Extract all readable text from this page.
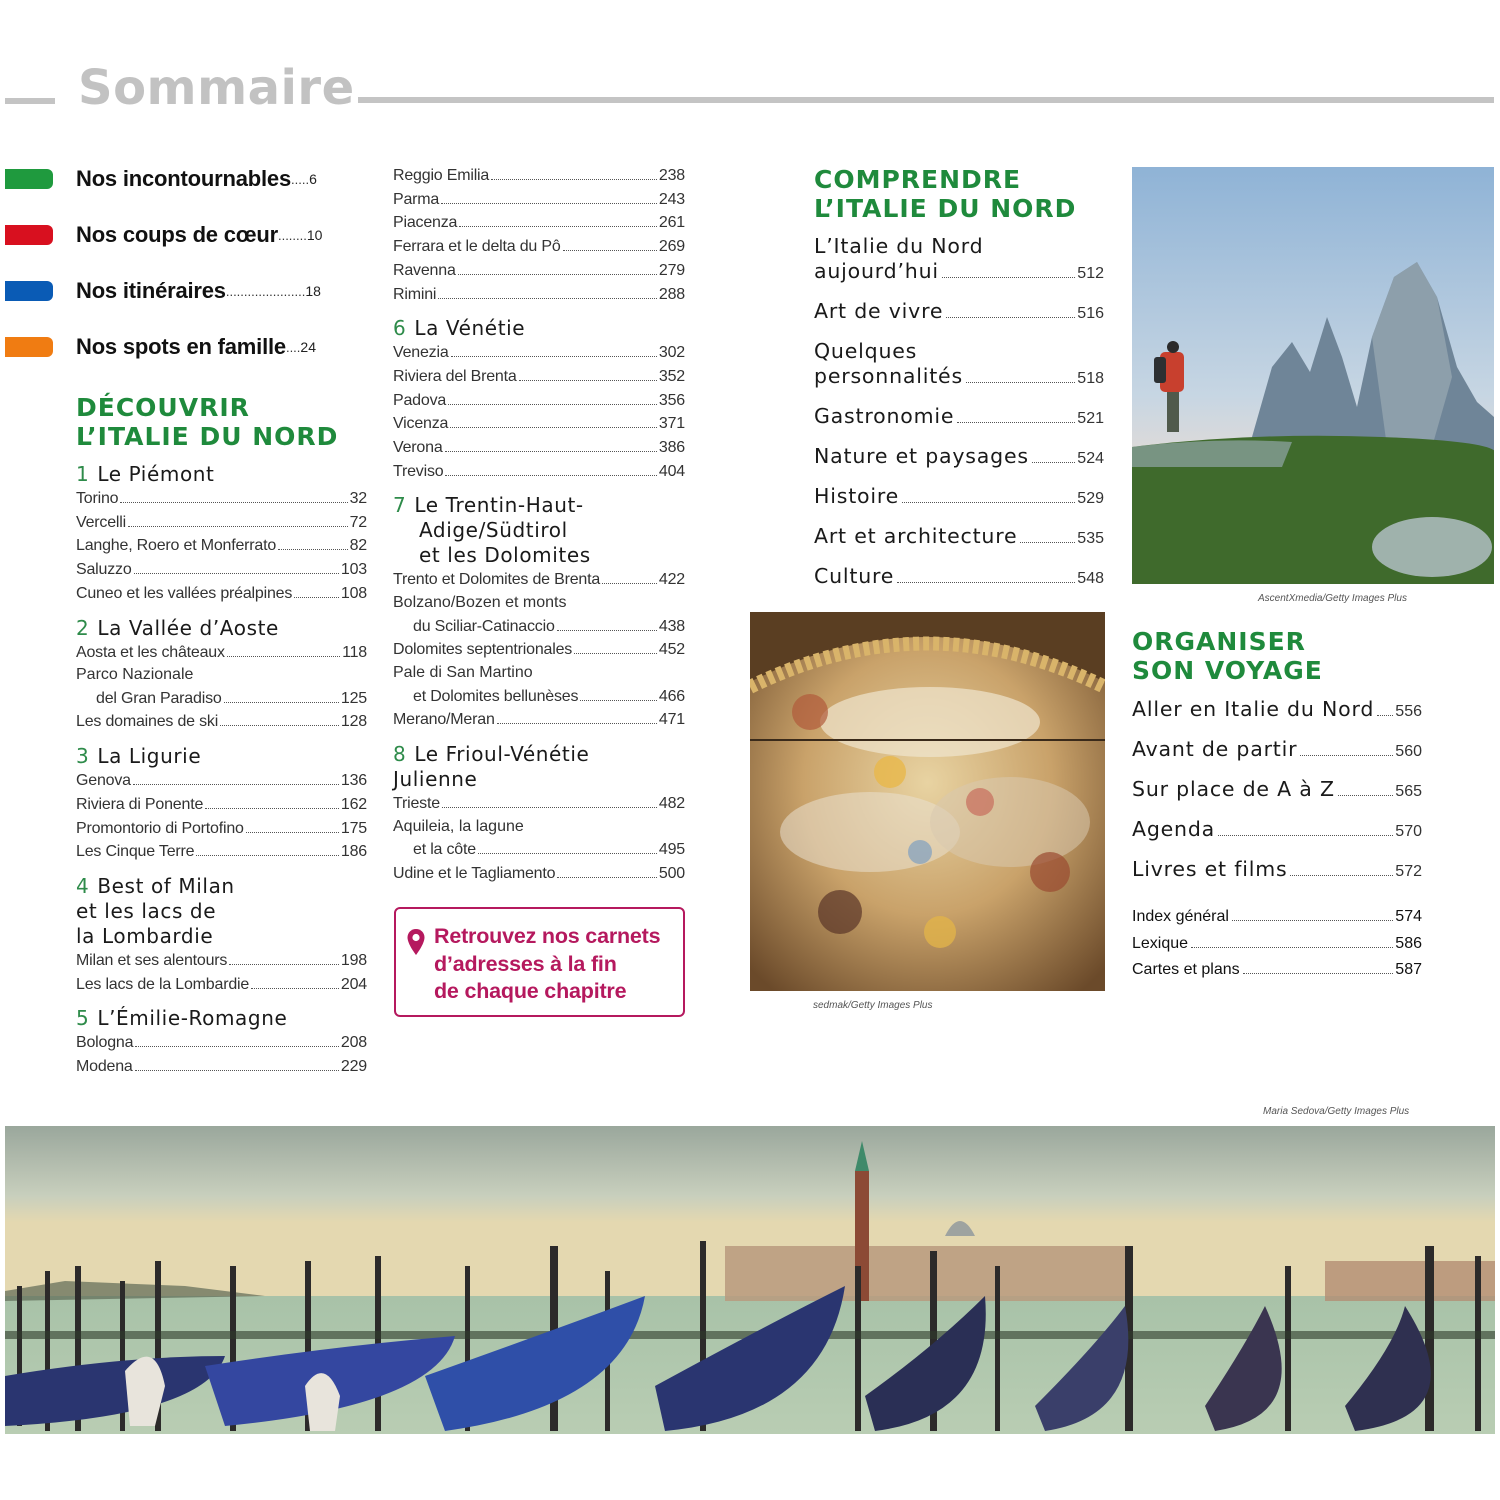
Sommaire
Nos incontournables ..... 6
Nos coups de cœur ........ 10
Nos itinéraires ...................... 18
Nos spots en famille .... 24
DÉCOUVRIR
L’ITALIE DU NORD
1 Le Piémont
Torino	32
Vercelli	72
Langhe, Roero et Monferrato	82
Saluzzo	103
Cuneo et les vallées préalpines	108
2 La Vallée d’Aoste
Aosta et les châteaux	118
Parco Nazionale
del Gran Paradiso	125
Les domaines de ski	128
3 La Ligurie
Genova	136
Riviera di Ponente	162
Promontorio di Portofino	175
Les Cinque Terre	186
4 Best of Milan
et les lacs de
la Lombardie
Milan et ses alentours	198
Les lacs de la Lombardie	204
5 L’Émilie-Romagne
Bologna	208
Modena	229
Reggio Emilia	238
Parma	243
Piacenza	261
Ferrara et le delta du Pô	269
Ravenna	279
Rimini	288
6 La Vénétie
Venezia	302
Riviera del Brenta	352
Padova	356
Vicenza	371
Verona	386
Treviso	404
7 Le Trentin-Haut-
Adige/Südtirol
et les Dolomites
Trento et Dolomites de Brenta	422
Bolzano/Bozen et monts
du Sciliar-Catinaccio	438
Dolomites septentrionales	452
Pale di San Martino
et Dolomites bellunèses	466
Merano/Meran	471
8 Le Frioul-Vénétie
Julienne
Trieste	482
Aquileia, la lagune
et la côte	495
Udine et le Tagliamento	500
Retrouvez nos carnets
d’adresses à la fin
de chaque chapitre
COMPRENDRE
L’ITALIE DU NORD
L’Italie du Nord
aujourd’hui	512
Art de vivre	516
Quelques
personnalités	518
Gastronomie	521
Nature et paysages	524
Histoire	529
Art et architecture	535
Culture	548
AscentXmedia/Getty Images Plus
sedmak/Getty Images Plus
ORGANISER
SON VOYAGE
Aller en Italie du Nord 556
Avant de partir	560
Sur place de A à Z	565
Agenda	570
Livres et films	572
Index général	574
Lexique	586
Cartes et plans	587
Maria Sedova/Getty Images Plus
